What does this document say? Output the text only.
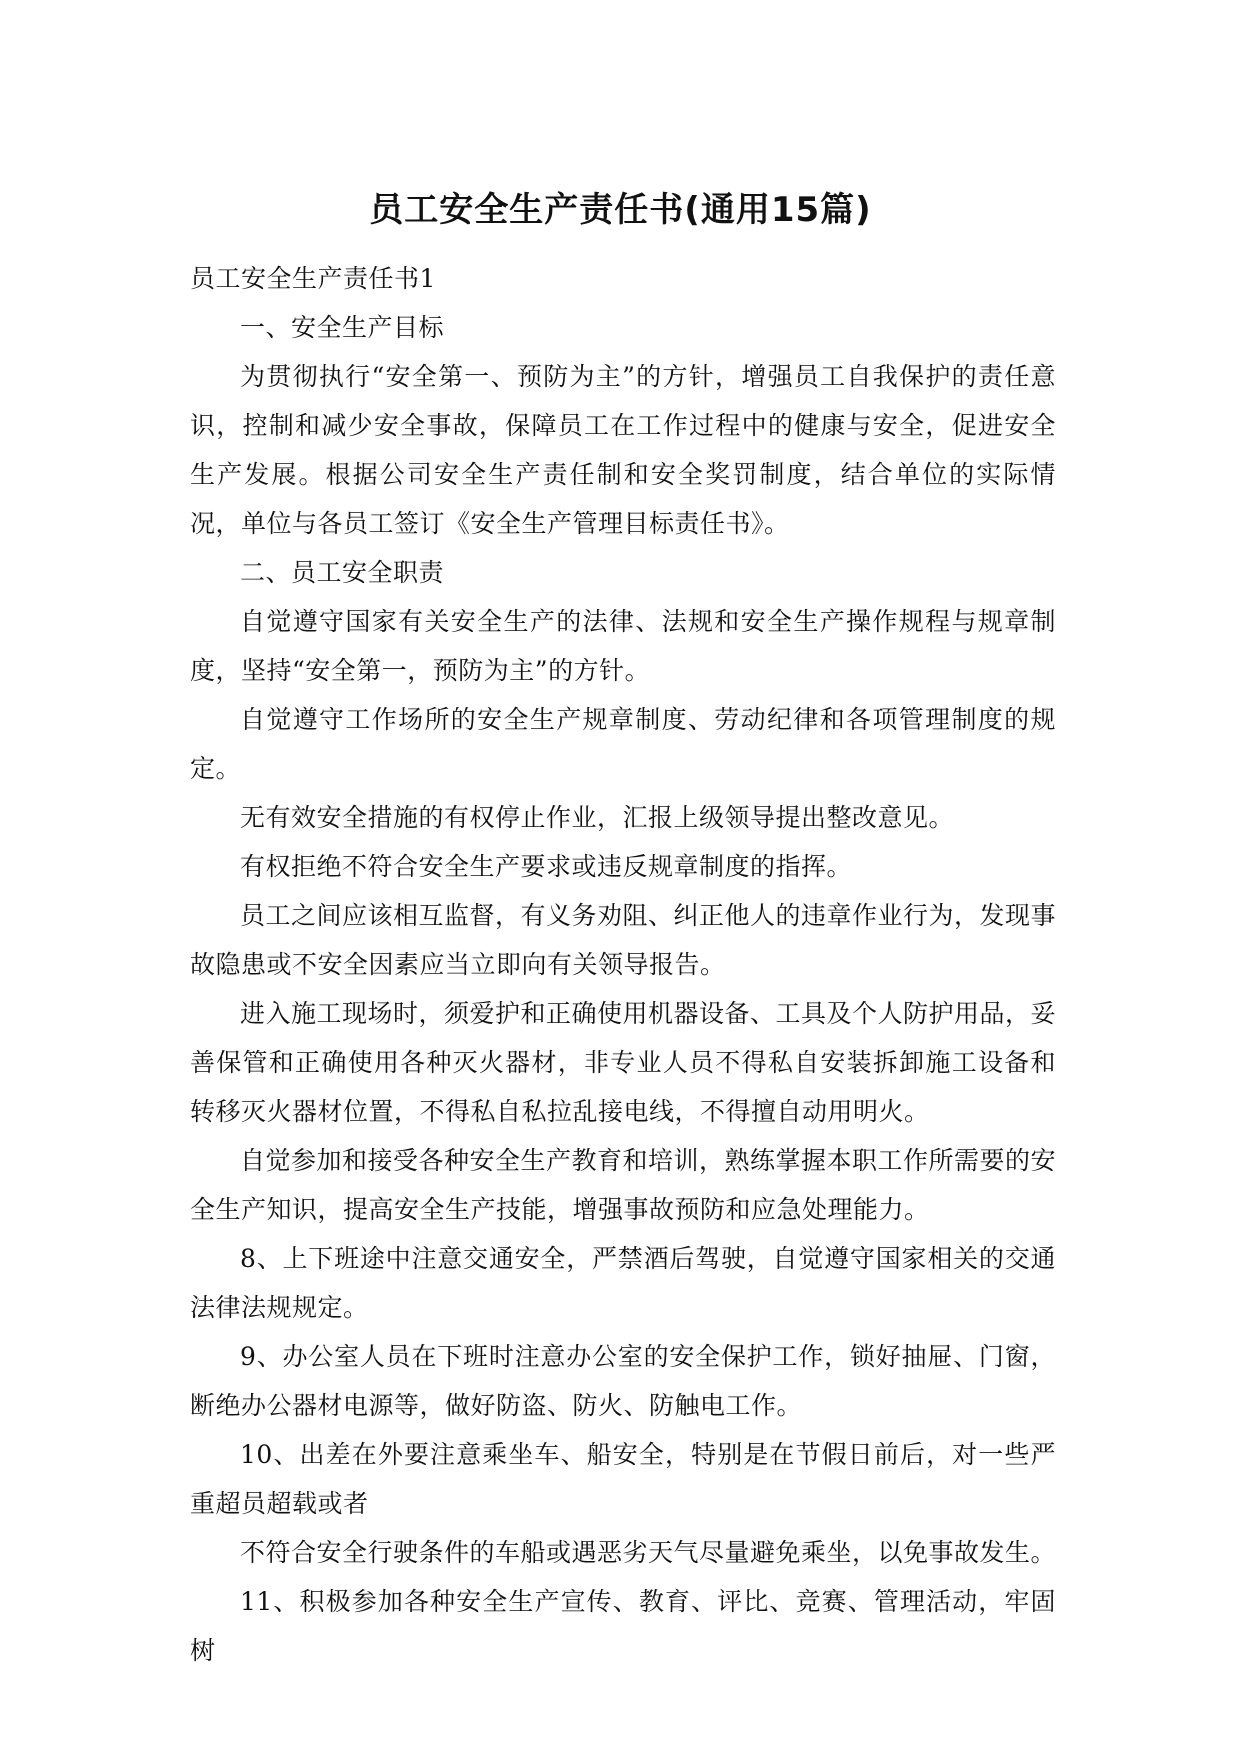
员工安全生产责任书(通用15篇)

员工安全生产责任书1

一、安全生产目标

为贯彻执行“安全第一、预防为主”的方针，增强员工自我保护的责任意识，控制和减少安全事故，保障员工在工作过程中的健康与安全，促进安全生产发展。根据公司安全生产责任制和安全奖罚制度，结合单位的实际情况，单位与各员工签订《安全生产管理目标责任书》。

二、员工安全职责

自觉遵守国家有关安全生产的法律、法规和安全生产操作规程与规章制度，坚持“安全第一，预防为主”的方针。

自觉遵守工作场所的安全生产规章制度、劳动纪律和各项管理制度的规定。

无有效安全措施的有权停止作业，汇报上级领导提出整改意见。

有权拒绝不符合安全生产要求或违反规章制度的指挥。

员工之间应该相互监督，有义务劝阻、纠正他人的违章作业行为，发现事故隐患或不安全因素应当立即向有关领导报告。

进入施工现场时，须爱护和正确使用机器设备、工具及个人防护用品，妥善保管和正确使用各种灭火器材，非专业人员不得私自安装拆卸施工设备和转移灭火器材位置，不得私自私拉乱接电线，不得擅自动用明火。

自觉参加和接受各种安全生产教育和培训，熟练掌握本职工作所需要的安全生产知识，提高安全生产技能，增强事故预防和应急处理能力。

8、上下班途中注意交通安全，严禁酒后驾驶，自觉遵守国家相关的交通法律法规规定。

9、办公室人员在下班时注意办公室的安全保护工作，锁好抽屉、门窗，断绝办公器材电源等，做好防盗、防火、防触电工作。

10、出差在外要注意乘坐车、船安全，特别是在节假日前后，对一些严重超员超载或者

不符合安全行驶条件的车船或遇恶劣天气尽量避免乘坐，以免事故发生。

11、积极参加各种安全生产宣传、教育、评比、竞赛、管理活动，牢固树
